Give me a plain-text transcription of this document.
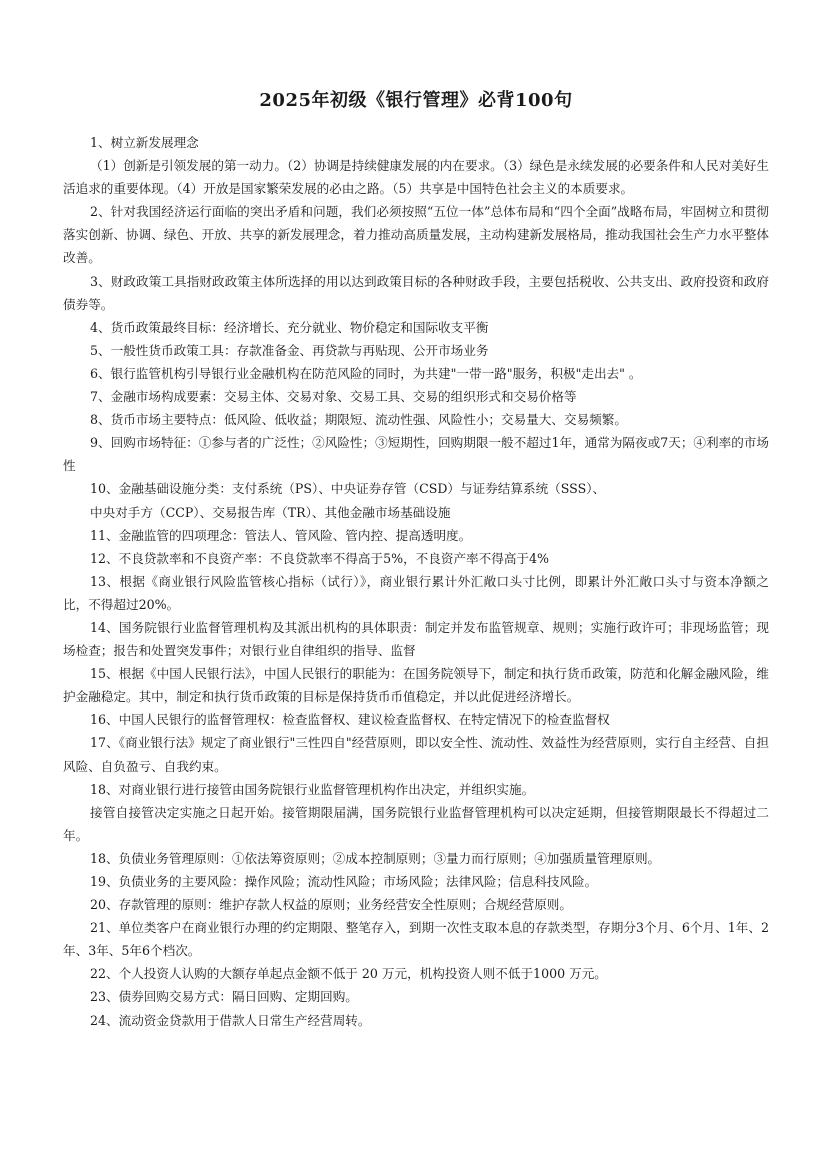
2025年初级《银行管理》必背100句

1、树立新发展理念

（1）创新是引领发展的第一动力。（2）协调是持续健康发展的内在要求。（3）绿色是永续发展的必要条件和人民对美好生活追求的重要体现。（4）开放是国家繁荣发展的必由之路。（5）共享是中国特色社会主义的本质要求。

2、针对我国经济运行面临的突出矛盾和问题，我们必须按照“五位一体”总体布局和“四个全面”战略布局，牢固树立和贯彻落实创新、协调、绿色、开放、共享的新发展理念，着力推动高质量发展，主动构建新发展格局，推动我国社会生产力水平整体改善。

3、财政政策工具指财政政策主体所选择的用以达到政策目标的各种财政手段，主要包括税收、公共支出、政府投资和政府债券等。

4、货币政策最终目标：经济增长、充分就业、物价稳定和国际收支平衡

5、一般性货币政策工具：存款准备金、再贷款与再贴现、公开市场业务

6、银行监管机构引导银行业金融机构在防范风险的同时，为共建"一带一路"服务，积极"走出去" 。

7、金融市场构成要素：交易主体、交易对象、交易工具、交易的组织形式和交易价格等

8、货币市场主要特点：低风险、低收益；期限短、流动性强、风险性小；交易量大、交易频繁。

9、回购市场特征：①参与者的广泛性；②风险性；③短期性，回购期限一般不超过1年，通常为隔夜或7天；④利率的市场性

10、金融基础设施分类：支付系统（PS）、中央证券存管（CSD）与证券结算系统（SSS）、

中央对手方（CCP）、交易报告库（TR）、其他金融市场基础设施

11、金融监管的四项理念：管法人、管风险、管内控、提高透明度。

12、不良贷款率和不良资产率：不良贷款率不得高于5%，不良资产率不得高于4%

13、根据《商业银行风险监管核心指标（试行）》，商业银行累计外汇敞口头寸比例，即累计外汇敞口头寸与资本净额之比，不得超过20%。

14、国务院银行业监督管理机构及其派出机构的具体职责：制定并发布监管规章、规则；实施行政许可；非现场监管；现场检查；报告和处置突发事件；对银行业自律组织的指导、监督

15、根据《中国人民银行法》，中国人民银行的职能为：在国务院领导下，制定和执行货币政策，防范和化解金融风险，维护金融稳定。其中，制定和执行货币政策的目标是保持货币币值稳定，并以此促进经济增长。

16、中国人民银行的监督管理权：检查监督权、建议检查监督权、在特定情况下的检查监督权

17、《商业银行法》规定了商业银行"三性四自"经营原则，即以安全性、流动性、效益性为经营原则，实行自主经营、自担风险、自负盈亏、自我约束。

18、对商业银行进行接管由国务院银行业监督管理机构作出决定，并组织实施。

接管自接管决定实施之日起开始。接管期限届满，国务院银行业监督管理机构可以决定延期，但接管期限最长不得超过二年。

18、负债业务管理原则：①依法筹资原则；②成本控制原则；③量力而行原则；④加强质量管理原则。

19、负债业务的主要风险：操作风险；流动性风险；市场风险；法律风险；信息科技风险。

20、存款管理的原则：维护存款人权益的原则；业务经营安全性原则；合规经营原则。

21、单位类客户在商业银行办理的约定期限、整笔存入，到期一次性支取本息的存款类型，存期分3个月、6个月、1年、2年、3年、5年6个档次。

22、个人投资人认购的大额存单起点金额不低于 20 万元，机构投资人则不低于1000 万元。

23、债券回购交易方式：隔日回购、定期回购。

24、流动资金贷款用于借款人日常生产经营周转。
